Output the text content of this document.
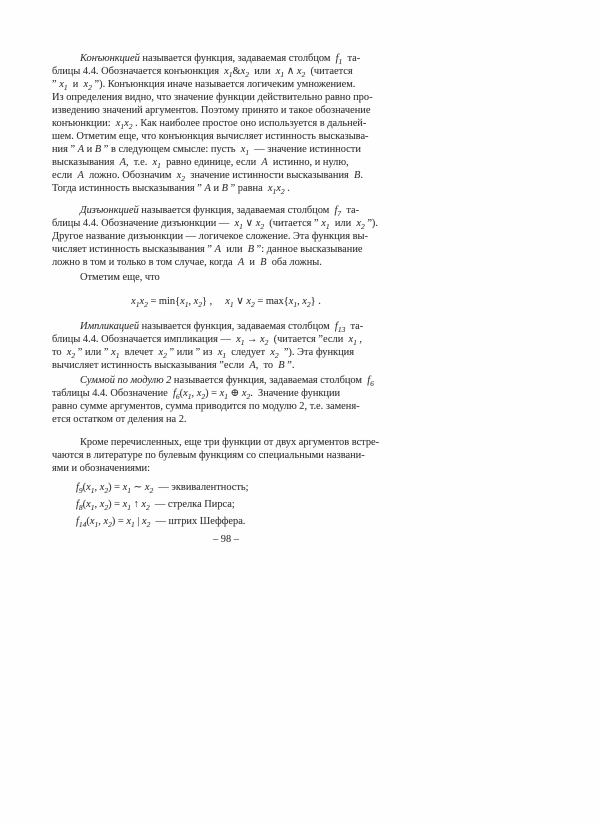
Конъюнкцией называется функция, задаваемая столбцом  $f_1$  та-
блицы 4.4. Обозначается конъюнкция  $x_1\&x_2$  или  $x_1$ ∧ $x_2$  (читается
” $x_1$  и  $x_2$ ”). Конъюнкция иначе называется логичеким умножением.
Из определения видно, что значение функции действительно равно про-
изведению значений аргументов. Поэтому принято и такое обозначение
конъюнкции:  $x_1x_2$ . Как наиболее простое оно используется в дальней-
шем. Отметим еще, что конъюнкция вычисляет истинность высказыва-
ния ” A и B ” в следующем смысле: пусть  $x_1$  — значение истинности
высказывания  A,  т.е.  $x_1$  равно единице, если  A  истинно, и нулю,
если  A  ложно. Обозначим  $x_2$  значение истинности высказывания  B.
Тогда истинность высказывания ” A и B ” равна  $x_1x_2$ .
Дизъюнкцией называется функция, задаваемая столбцом  $f_7$  та-
блицы 4.4. Обозначение дизъюнкции —  $x_1$ ∨ $x_2$  (читается ” $x_1$  или  $x_2$ ”).
Другое название дизъюнкции — логичекое сложение. Эта функция вы-
числяет истинность высказывания ” A  или  B ”: данное высказывание
ложно в том и только в том случае, когда  A  и  B  оба ложны.
Отметим еще, что
$x_1x_2 = \min\{x_1$, $x_2$} ,     $x_1$ ∨ $x_2 = \max\{x_1$, $x_2$} .
Импликацией называется функция, задаваемая столбцом  $f_{13}$  та-
блицы 4.4. Обозначается импликация —  $x_1 \to x_2$  (читается ”если  $x_1$ ,
то  $x_2$ ” или ” $x_1$  влечет  $x_2$ ” или ” из  $x_1$  следует  $x_2$  ”). Эта функция
вычисляет истинность высказывания ”если  A,  то  B ”.
Суммой по модулю 2 называется функция, задаваемая столбцом  $f_6$
таблицы 4.4. Обозначение  $f_6(x_1$, $x_2) = x_1$ ⊕ $x_2$.  Значение функции
равно сумме аргументов, сумма приводится по модулю 2, т.е. заменя-
ется остатком от деления на 2.
Кроме перечисленных, еще три функции от двух аргументов встре-
чаются в литературе по булевым функциям со специальными названи-
ями и обозначениями:
$f_9(x_1$, $x_2) = x_1$ ∼ $x_2$  — эквивалентность;
$f_8(x_1$, $x_2) = x_1$ ↑ $x_2$  — стрелка Пирса;
$f_{14}(x_1$, $x_2) = x_1$ | $x_2$  — штрих Шеффера.
– 98 –
